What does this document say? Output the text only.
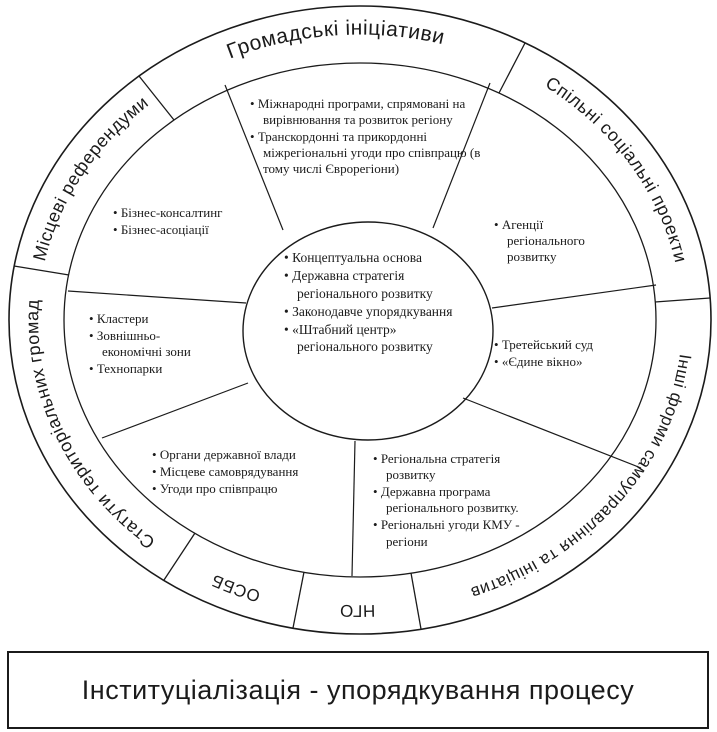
Громадські ініціативи
Спільні соціальні проекти
Інші форми самоуправління та ініціатив
НГО
ОСББ
Статути територіальних громад
Місцеві референдуми	• Міжнародні програми, спрямовані на вирівнювання та розвиток регіону
• Транскордонні та прикордонні міжрегіональні угоди про співпрацю (в тому числі Єврорегіони)
• Бізнес-консалтинг
• Бізнес-асоціації
• Кластери
• Зовнішньо-економічні зони
• Технопарки
• Органи державної влади
• Місцеве самоврядування
• Угоди про співпрацю
• Регіональна стратегія розвитку
• Державна програма регіонального розвитку.
• Регіональні угоди КМУ - регіони
• Третейський суд
• «Єдине вікно»
• Агенції регіонального розвитку
• Концептуальна основа
• Державна стратегія регіонального розвитку
• Законодавче упорядкування
• «Штабний центр» регіонального розвитку
Інституціалізація - упорядкування процесу
